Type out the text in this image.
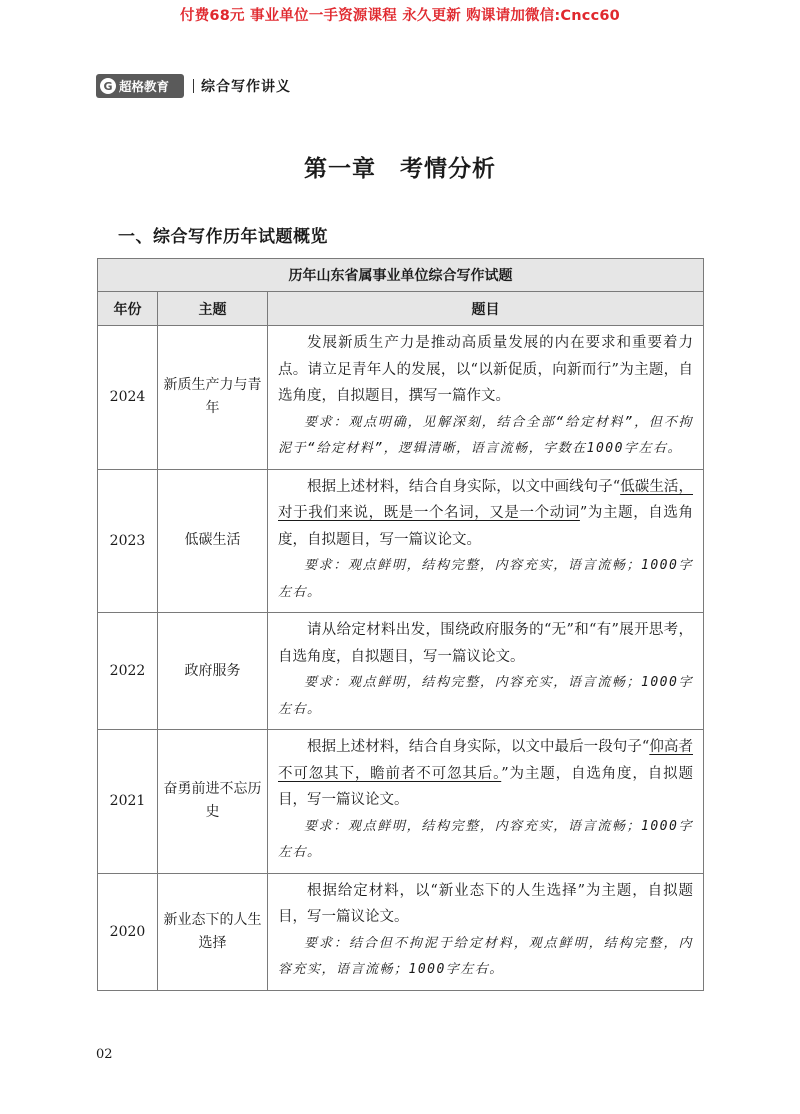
付费68元 事业单位一手资源课程 永久更新 购课请加微信:Cncc60
G 超格教育 综合写作讲义
第一章　考情分析
一、综合写作历年试题概览
历年山东省属事业单位综合写作试题		
年份	主题	题目
2024	新质生产力与青年	发展新质生产力是推动高质量发展的内在要求和重要着力点。请立足青年人的发展，以“以新促质，向新而行”为主题，自选角度，自拟题目，撰写一篇作文。

要求：观点明确，见解深刻，结合全部“给定材料”，但不拘泥于“给定材料”，逻辑清晰，语言流畅，字数在1000字左右。

2023	低碳生活	根据上述材料，结合自身实际，以文中画线句子“低碳生活，对于我们来说，既是一个名词，又是一个动词”为主题，自选角度，自拟题目，写一篇议论文。

要求：观点鲜明，结构完整，内容充实，语言流畅；1000字左右。

2022	政府服务	请从给定材料出发，围绕政府服务的“无”和“有”展开思考，自选角度，自拟题目，写一篇议论文。

要求：观点鲜明，结构完整，内容充实，语言流畅；1000字左右。

2021	奋勇前进不忘历史	根据上述材料，结合自身实际，以文中最后一段句子“仰高者不可忽其下，瞻前者不可忽其后。”为主题，自选角度，自拟题目，写一篇议论文。

要求：观点鲜明，结构完整，内容充实，语言流畅；1000字左右。

2020	新业态下的人生选择	根据给定材料，以“新业态下的人生选择”为主题，自拟题目，写一篇议论文。

要求：结合但不拘泥于给定材料，观点鲜明，结构完整，内容充实，语言流畅；1000字左右。

02
